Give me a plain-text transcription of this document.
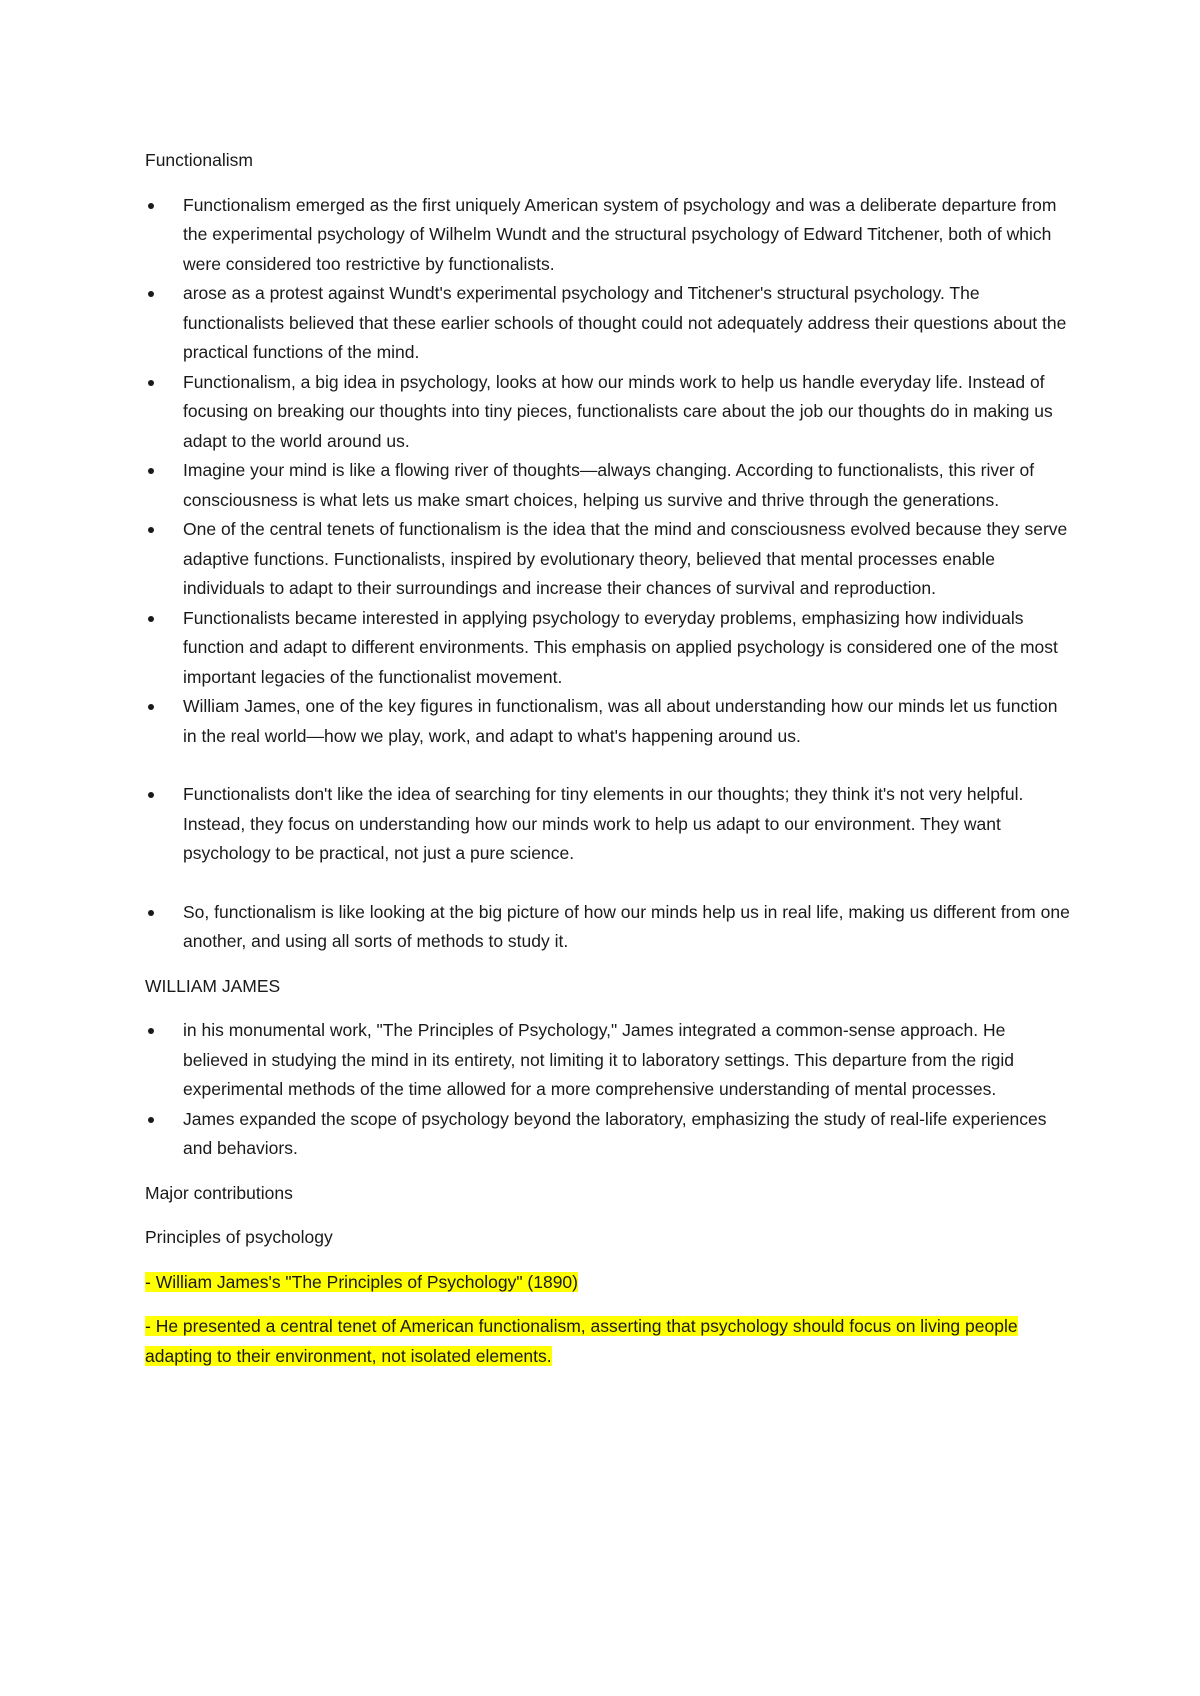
Functionalism

Functionalism emerged as the first uniquely American system of psychology and was a deliberate departure from the experimental psychology of Wilhelm Wundt and the structural psychology of Edward Titchener, both of which were considered too restrictive by functionalists.
arose as a protest against Wundt's experimental psychology and Titchener's structural psychology. The functionalists believed that these earlier schools of thought could not adequately address their questions about the practical functions of the mind.
Functionalism, a big idea in psychology, looks at how our minds work to help us handle everyday life. Instead of focusing on breaking our thoughts into tiny pieces, functionalists care about the job our thoughts do in making us adapt to the world around us.
Imagine your mind is like a flowing river of thoughts—always changing. According to functionalists, this river of consciousness is what lets us make smart choices, helping us survive and thrive through the generations.
One of the central tenets of functionalism is the idea that the mind and consciousness evolved because they serve adaptive functions. Functionalists, inspired by evolutionary theory, believed that mental processes enable individuals to adapt to their surroundings and increase their chances of survival and reproduction.
Functionalists became interested in applying psychology to everyday problems, emphasizing how individuals function and adapt to different environments. This emphasis on applied psychology is considered one of the most important legacies of the functionalist movement.
William James, one of the key figures in functionalism, was all about understanding how our minds let us function in the real world—how we play, work, and adapt to what's happening around us.
Functionalists don't like the idea of searching for tiny elements in our thoughts; they think it's not very helpful. Instead, they focus on understanding how our minds work to help us adapt to our environment. They want psychology to be practical, not just a pure science.
So, functionalism is like looking at the big picture of how our minds help us in real life, making us different from one another, and using all sorts of methods to study it.

WILLIAM JAMES

in his monumental work, "The Principles of Psychology," James integrated a common-sense approach. He believed in studying the mind in its entirety, not limiting it to laboratory settings. This departure from the rigid experimental methods of the time allowed for a more comprehensive understanding of mental processes.
James expanded the scope of psychology beyond the laboratory, emphasizing the study of real-life experiences and behaviors.

Major contributions

Principles of psychology

- William James's "The Principles of Psychology" (1890)

- He presented a central tenet of American functionalism, asserting that psychology should focus on living people adapting to their environment, not isolated elements.
